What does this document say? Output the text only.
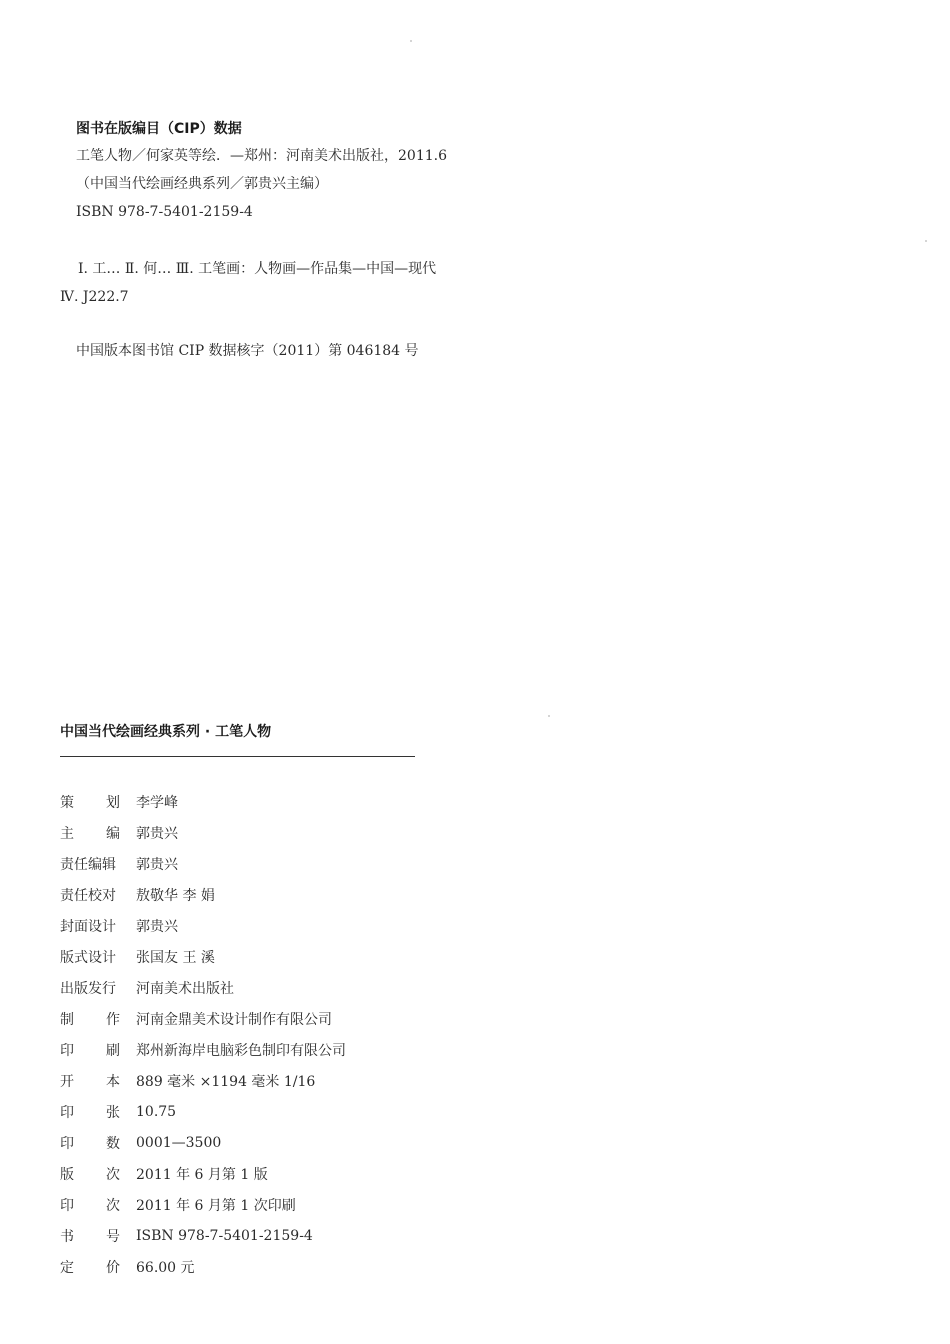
图书在版编目（CIP）数据

工笔人物／何家英等绘．—郑州：河南美术出版社，2011.6

（中国当代绘画经典系列／郭贵兴主编）

ISBN 978-7-5401-2159-4

Ⅰ. 工… Ⅱ. 何… Ⅲ. 工笔画：人物画—作品集—中国—现代

Ⅳ. J222.7

中国版本图书馆 CIP 数据核字（2011）第 046184 号
中国当代绘画经典系列 · 工笔人物
策 划 李学峰
主 编 郭贵兴
责任编辑 郭贵兴
责任校对 敖敬华 李 娟
封面设计 郭贵兴
版式设计 张国友 王 溪
出版发行 河南美术出版社
制 作 河南金鼎美术设计制作有限公司
印 刷 郑州新海岸电脑彩色制印有限公司
开 本 889 毫米 ×1194 毫米 1/16
印 张 10.75
印 数 0001—3500
版 次 2011 年 6 月第 1 版
印 次 2011 年 6 月第 1 次印刷
书 号 ISBN 978-7-5401-2159-4
定 价 66.00 元
